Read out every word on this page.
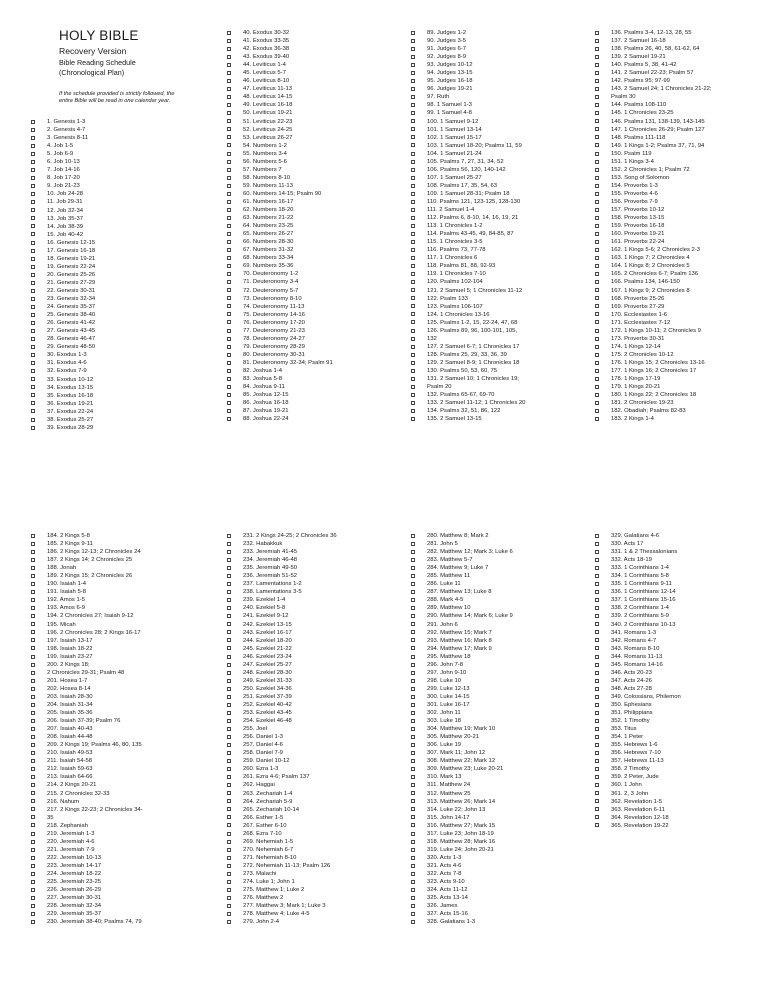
HOLY BIBLE
Recovery Version
Bible Reading Schedule
(Chronological Plan)
If the schedule provided is strictly followed, the entire Bible will be read in one calendar year.
1. Genesis 1-3
2. Genesis 4-7
3. Genesis 8-11
4. Job 1-5
5. Job 6-9
6. Job 10-13
7. Job 14-16
8. Job 17-20
9. Job 21-23
10. Job 24-28
11. Job 29-31
12. Job 32-34
13. Job 35-37
14. Job 38-39
15. Job 40-42
16. Genesis 12-15
17. Genesis 16-18
18. Genesis 19-21
19. Genesis 22-24
20. Genesis 25-26
21. Genesis 27-29
22. Genesis 30-31
23. Genesis 32-34
24. Genesis 35-37
25. Genesis 38-40
26. Genesis 41-42
27. Genesis 43-45
28. Genesis 46-47
29. Genesis 48-50
30. Exodus 1-3
31. Exodus 4-6
32. Exodus 7-9
33. Exodus 10-12
34. Exodus 13-15
35. Exodus 16-18
36. Exodus 19-21
37. Exodus 22-24
38. Exodus 25-27
39. Exodus 28-29
40. Exodus 30-32
41. Exodus 33-35
42. Exodus 36-38
43. Exodus 39-40
44. Leviticus 1-4
45. Leviticus 5-7
46. Leviticus 8-10
47. Leviticus 11-13
48. Leviticus 14-15
49. Leviticus 16-18
50. Leviticus 19-21
51. Leviticus 22-23
52. Leviticus 24-25
53. Leviticus 26-27
54. Numbers 1-2
55. Numbers 3-4
56. Numbers 5-6
57. Numbers 7
58. Numbers 8-10
59. Numbers 11-13
60. Numbers 14-15; Psalm 90
61. Numbers 16-17
62. Numbers 18-20
63. Numbers 21-22
64. Numbers 23-25
65. Numbers 26-27
66. Numbers 28-30
67. Numbers 31-32
68. Numbers 33-34
69. Numbers 35-36
70. Deuteronomy 1-2
71. Deuteronomy 3-4
72. Deuteronomy 5-7
73. Deuteronomy 8-10
74. Deuteronomy 11-13
75. Deuteronomy 14-16
76. Deuteronomy 17-20
77. Deuteronomy 21-23
78. Deuteronomy 24-27
79. Deuteronomy 28-29
80. Deuteronomy 30-31
81. Deuteronomy 32-34; Psalm 91
82. Joshua 1-4
83. Joshua 5-8
84. Joshua 9-11
85. Joshua 12-15
86. Joshua 16-18
87. Joshua 19-21
88. Joshua 22-24
89. Judges 1-2
90. Judges 3-5
91. Judges 6-7
92. Judges 8-9
93. Judges 10-12
94. Judges 13-15
95. Judges 16-18
96. Judges 19-21
97. Ruth
98. 1 Samuel 1-3
99. 1 Samuel 4-8
100. 1 Samuel 9-12
101. 1 Samuel 13-14
102. 1 Samuel 15-17
103. 1 Samuel 18-20; Psalms 11, 59
104. 1 Samuel 21-24
105. Psalms 7, 27, 31, 34, 52
106. Psalms 56, 120, 140-142
107. 1 Samuel 25-27
108. Psalms 17, 35, 54, 63
109. 1 Samuel 28-31; Psalm 18
110. Psalms 121, 123-125, 128-130
111. 2 Samuel 1-4
112. Psalms 6, 8-10, 14, 16, 19, 21
113. 1 Chronicles 1-2
114. Psalms 43-45, 49, 84-85, 87
115. 1 Chronicles 3-5
116. Psalms 73, 77-78
117. 1 Chronicles 6
118. Psalms 81, 88, 92-93
119. 1 Chronicles 7-10
120. Psalms 102-104
121. 2 Samuel 5; 1 Chronicles 11-12
122. Psalm 133
123. Psalms 106-107
124. 1 Chronicles 13-16
125. Psalms 1-2, 15, 22-24, 47, 68
126. Psalms 89, 96, 100-101, 105,
132
127. 2 Samuel 6-7; 1 Chronicles 17
128. Psalms 25, 29, 33, 36, 39
129. 2 Samuel 8-9; 1 Chronicles 18
130. Psalms 50, 53, 60, 75
131. 2 Samuel 10; 1 Chronicles 19;
Psalm 20
132. Psalms 65-67, 69-70
133. 2 Samuel 11-12; 1 Chronicles 20
134. Psalms 32, 51, 86, 122
135. 2 Samuel 13-15
136. Psalms 3-4, 12-13, 28, 55
137. 2 Samuel 16-18
138. Psalms 26, 40, 58, 61-62, 64
139. 2 Samuel 19-21
140. Psalms 5, 38, 41-42
141. 2 Samuel 22-23; Psalm 57
142. Psalms 95; 97-99
143. 2 Samuel 24; 1 Chronicles 21-22;
Psalm 30
144. Psalms 108-110
145. 1 Chronicles 23-25
146. Psalms 131, 138-139, 143-145
147. 1 Chronicles 26-29; Psalm 127
148. Psalms 111-118
149. 1 Kings 1-2; Psalms 37, 71, 94
150. Psalm 119
151. 1 Kings 3-4
152. 2 Chronicles 1; Psalm 72
153. Song of Solomon
154. Proverbs 1-3
155. Proverbs 4-6
156. Proverbs 7-9
157. Proverbs 10-12
158. Proverbs 13-15
159. Proverbs 16-18
160. Proverbs 19-21
161. Proverbs 22-24
162. 1 Kings 5-6; 2 Chronicles 2-3
163. 1 Kings 7; 2 Chronicles 4
164. 1 Kings 8; 2 Chronicles 5
165. 2 Chronicles 6-7; Psalm 136
166. Psalms 134, 146-150
167. 1 Kings 9; 2 Chronicles 8
168. Proverbs 25-26
169. Proverbs 27-29
170. Ecclesiastes 1-6
171. Ecclesiastes 7-12
172. 1 Kings 10-11; 2 Chronicles 9
173. Proverbs 30-31
174. 1 Kings 12-14
175. 2 Chronicles 10-12
176. 1 Kings 15; 2 Chronicles 13-16
177. 1 Kings 16; 2 Chronicles 17
178. 1 Kings 17-19
179. 1 Kings 20-21
180. 1 Kings 22; 2 Chronicles 18
181. 2 Chronicles 19-23
182. Obadiah; Psalms 82-83
183. 2 Kings 1-4
184. 2 Kings 5-8
185. 2 Kings 9-11
186. 2 Kings 12-13; 2 Chronicles 24
187. 2 Kings 14; 2 Chronicles 25
188. Jonah
189. 2 Kings 15; 2 Chronicles 26
190. Isaiah 1-4
191. Isaiah 5-8
192. Amos 1-5
193. Amos 6-9
194. 2 Chronicles 27; Isaiah 9-12
195. Micah
196. 2 Chronicles 28; 2 Kings 16-17
197. Isaiah 13-17
198. Isaiah 18-22
199. Isaiah 23-27
200. 2 Kings 18;
2 Chronicles 29-31; Psalm 48
201. Hosea 1-7
202. Hosea 8-14
203. Isaiah 28-30
204. Isaiah 31-34
205. Isaiah 35-36
206. Isaiah 37-39; Psalm 76
207. Isaiah 40-43
208. Isaiah 44-48
209. 2 Kings 19; Psalms 46, 80, 135
210. Isaiah 49-53
211. Isaiah 54-58
212. Isaiah 59-63
213. Isaiah 64-66
214. 2 Kings 20-21
215. 2 Chronicles 32-33
216. Nahum
217. 2 Kings 22-23; 2 Chronicles 34-
35
218. Zephaniah
219. Jeremiah 1-3
220. Jeremiah 4-6
221. Jeremiah 7-9
222. Jeremiah 10-13
223. Jeremiah 14-17
224. Jeremiah 18-22
225. Jeremiah 23-25
226. Jeremiah 26-29
227. Jeremiah 30-31
228. Jeremiah 32-34
229. Jeremiah 35-37
230. Jeremiah 38-40; Psalms 74, 79
231. 2 Kings 24-25; 2 Chronicles 36
232. Habakkuk
233. Jeremiah 41-45
234. Jeremiah 46-48
235. Jeremiah 49-50
236. Jeremiah 51-52
237. Lamentations 1-2
238. Lamentations 3-5
239. Ezekiel 1-4
240. Ezekiel 5-8
241. Ezekiel 9-12
242. Ezekiel 13-15
243. Ezekiel 16-17
244. Ezekiel 18-20
245. Ezekiel 21-22
246. Ezekiel 23-24
247. Ezekiel 25-27
248. Ezekiel 28-30
249. Ezekiel 31-33
250. Ezekiel 34-36
251. Ezekiel 37-39
252. Ezekiel 40-42
253. Ezekiel 43-45
254. Ezekiel 46-48
255. Joel
256. Daniel 1-3
257. Daniel 4-6
258. Daniel 7-9
259. Daniel 10-12
260. Ezra 1-3
261. Ezra 4-6; Psalm 137
262. Haggai
263. Zechariah 1-4
264. Zechariah 5-9
265. Zechariah 10-14
266. Esther 1-5
267. Esther 6-10
268. Ezra 7-10
269. Nehemiah 1-5
270. Nehemiah 6-7
271. Nehemiah 8-10
272. Nehemiah 11-13; Psalm 126
273. Malachi
274. Luke 1; John 1
275. Matthew 1; Luke 2
276. Matthew 2
277. Matthew 3; Mark 1; Luke 3
278. Matthew 4; Luke 4-5
279. John 2-4
280. Matthew 8; Mark 2
281. John 5
282. Matthew 12; Mark 3; Luke 6
283. Matthew 5-7
284. Matthew 9; Luke 7
285. Matthew 11
286. Luke 11
287. Matthew 13; Luke 8
288. Mark 4-5
289. Matthew 10
290. Matthew 14; Mark 6; Luke 9
291. John 6
292. Matthew 15; Mark 7
293. Matthew 16; Mark 8
294. Matthew 17; Mark 9
295. Matthew 18
296. John 7-8
297. John 9-10
298. Luke 10
299. Luke 12-13
300. Luke 14-15
301. Luke 16-17
302. John 11
303. Luke 18
304. Matthew 19; Mark 10
305. Matthew 20-21
306. Luke 19
307. Mark 11; John 12
308. Matthew 22; Mark 12
309. Matthew 23; Luke 20-21
310. Mark 13
311. Matthew 24
312. Matthew 25
313. Matthew 26; Mark 14
314. Luke 22; John 13
315. John 14-17
316. Matthew 27; Mark 15
317. Luke 23; John 18-19
318. Matthew 28; Mark 16
319. Luke 24; John 20-21
320. Acts 1-3
321. Acts 4-6
322. Acts 7-8
323. Acts 9-10
324. Acts 11-12
325. Acts 13-14
326. James
327. Acts 15-16
328. Galatians 1-3
329. Galatians 4-6
330. Acts 17
331. 1 & 2 Thessalonians
332. Acts 18-19
333. 1 Corinthians 1-4
334. 1 Corinthians 5-8
335. 1 Corinthians 9-11
336. 1 Corinthians 12-14
337. 1 Corinthians 15-16
338. 2 Corinthians 1-4
339. 2 Corinthians 5-9
340. 2 Corinthians 10-13
341. Romans 1-3
342. Romans 4-7
343. Romans 8-10
344. Romans 11-13
345. Romans 14-16
346. Acts 20-23
347. Acts 24-26
348. Acts 27-28
349. Colossians, Philemon
350. Ephesians
351. Philippians
352. 1 Timothy
353. Titus
354. 1 Peter
355. Hebrews 1-6
356. Hebrews 7-10
357. Hebrews 11-13
358. 2 Timothy
359. 2 Peter, Jude
360. 1 John
361. 2, 3 John
362. Revelation 1-5
363. Revelation 6-11
364. Revelation 12-18
365. Revelation 19-22
